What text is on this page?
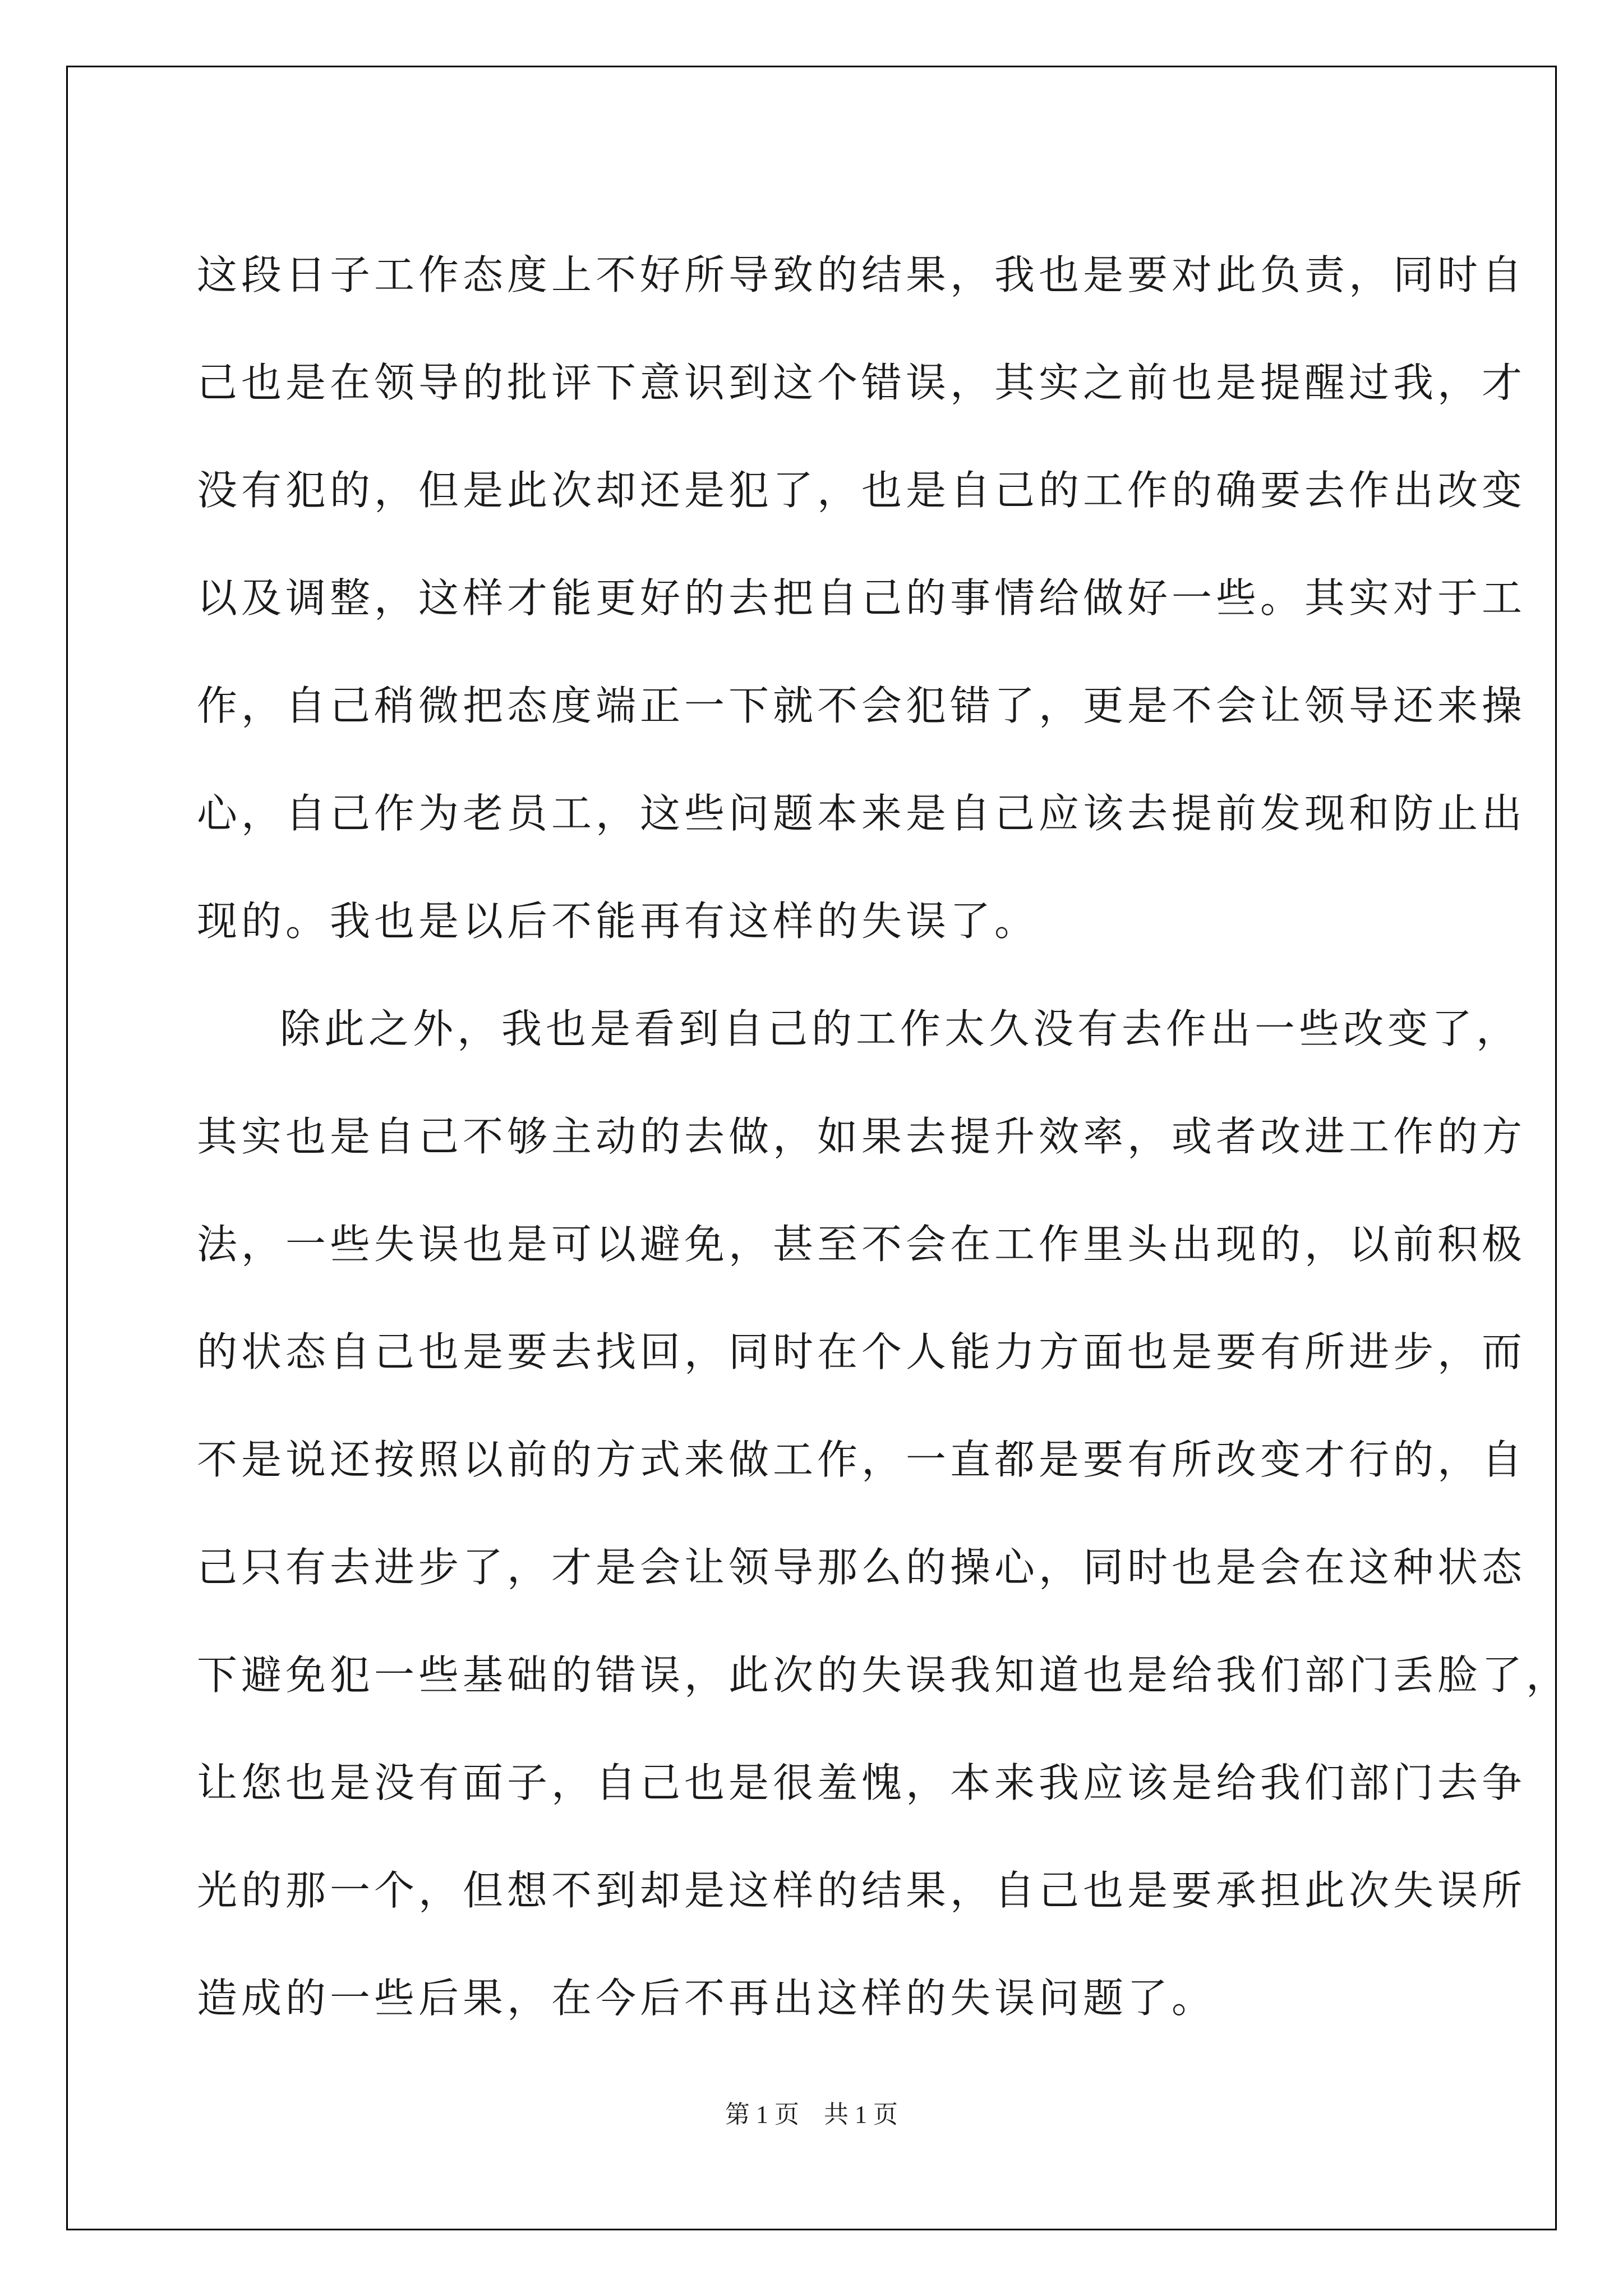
这段日子工作态度上不好所导致的结果，我也是要对此负责，同时自
己也是在领导的批评下意识到这个错误，其实之前也是提醒过我，才
没有犯的，但是此次却还是犯了，也是自己的工作的确要去作出改变
以及调整，这样才能更好的去把自己的事情给做好一些。其实对于工
作，自己稍微把态度端正一下就不会犯错了，更是不会让领导还来操
心，自己作为老员工，这些问题本来是自己应该去提前发现和防止出
现的。我也是以后不能再有这样的失误了。
除此之外，我也是看到自己的工作太久没有去作出一些改变了，
其实也是自己不够主动的去做，如果去提升效率，或者改进工作的方
法，一些失误也是可以避免，甚至不会在工作里头出现的，以前积极
的状态自己也是要去找回，同时在个人能力方面也是要有所进步，而
不是说还按照以前的方式来做工作，一直都是要有所改变才行的，自
己只有去进步了，才是会让领导那么的操心，同时也是会在这种状态
下避免犯一些基础的错误，此次的失误我知道也是给我们部门丢脸了，
让您也是没有面子，自己也是很羞愧，本来我应该是给我们部门去争
光的那一个，但想不到却是这样的结果，自己也是要承担此次失误所
造成的一些后果，在今后不再出这样的失误问题了。
第 1 页　共 1 页
